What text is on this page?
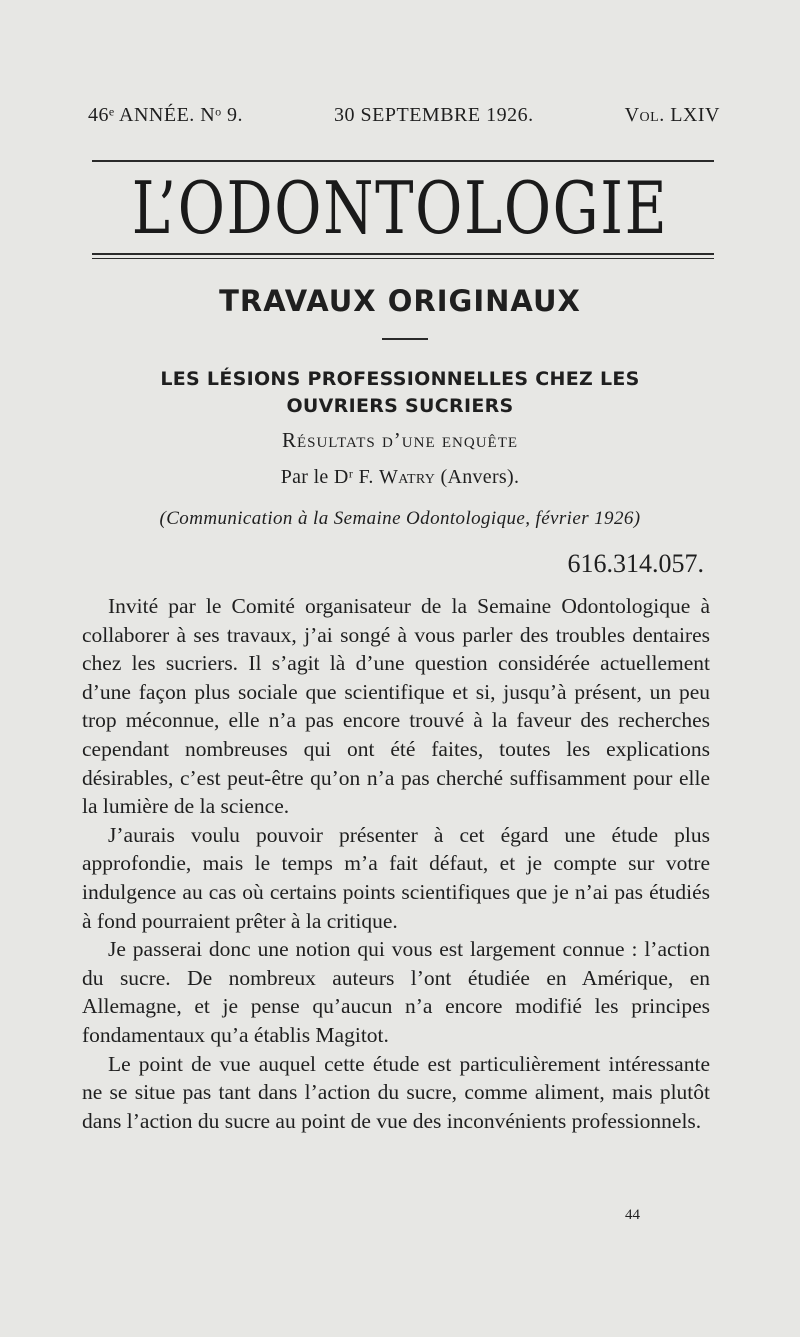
46ᵉ ANNÉE. Nᵒ 9.	30 SEPTEMBRE 1926.	Vol. LXIV
L’ODONTOLOGIE
TRAVAUX ORIGINAUX
LES LÉSIONS PROFESSIONNELLES CHEZ LES
OUVRIERS SUCRIERS
Résultats d’une enquête
Par le Dʳ F. Watry (Anvers).
(Communication à la Semaine Odontologique, février 1926)
616.314.057.

Invité par le Comité organisateur de la Semaine Odontologique à collaborer à ses travaux, j’ai songé à vous parler des troubles dentaires chez les sucriers. Il s’agit là d’une question considérée actuellement d’une façon plus sociale que scientifique et si, jusqu’à présent, un peu trop méconnue, elle n’a pas encore trouvé à la faveur des recherches cependant nombreuses qui ont été faites, toutes les explications désirables, c’est peut-être qu’on n’a pas cherché suffisamment pour elle la lumière de la science.

J’aurais voulu pouvoir présenter à cet égard une étude plus approfondie, mais le temps m’a fait défaut, et je compte sur votre indulgence au cas où certains points scientifiques que je n’ai pas étudiés à fond pourraient prêter à la critique.

Je passerai donc une notion qui vous est largement connue : l’action du sucre. De nombreux auteurs l’ont étudiée en Amérique, en Allemagne, et je pense qu’aucun n’a encore modifié les principes fondamentaux qu’a établis Magitot.

Le point de vue auquel cette étude est particulièrement intéressante ne se situe pas tant dans l’action du sucre, comme aliment, mais plutôt dans l’action du sucre au point de vue des inconvénients professionnels.

44
